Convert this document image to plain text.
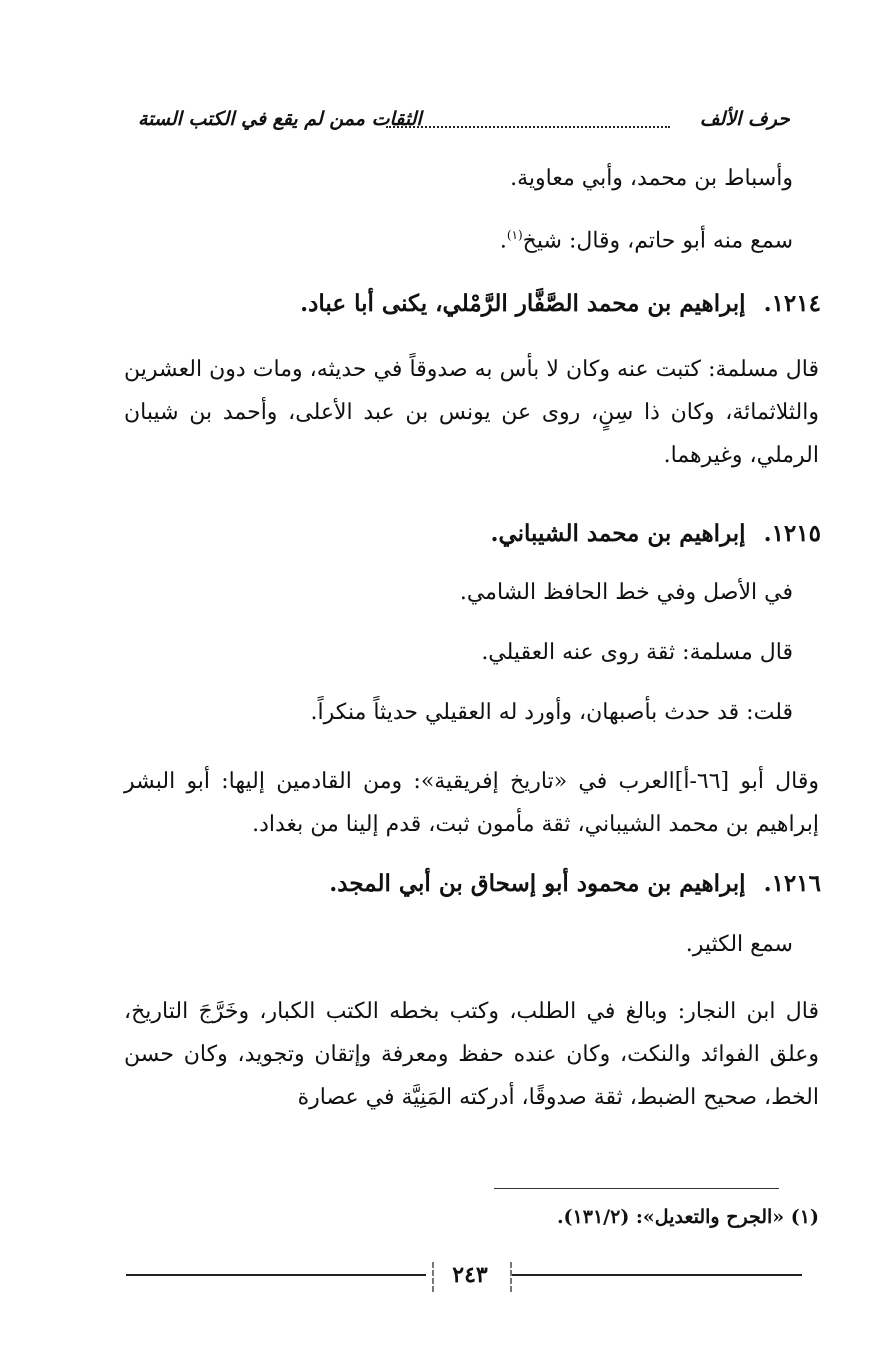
حرف الألف
الثقات ممن لم يقع في الكتب الستة
وأسباط بن محمد، وأبي معاوية.
سمع منه أبو حاتم، وقال: شيخ$^{(١)}$.
١٢١٤.إبراهيم بن محمد الصَّفَّار الرَّمْلي، يكنى أبا عباد.
قال مسلمة: كتبت عنه وكان لا بأس به صدوقاً في حديثه، ومات دون العشرين والثلاثمائة، وكان ذا سِنٍ، روى عن يونس بن عبد الأعلى، وأحمد بن شيبان الرملي، وغيرهما.
١٢١٥.إبراهيم بن محمد الشيباني.
في الأصل وفي خط الحافظ الشامي.
قال مسلمة: ثقة روى عنه العقيلي.
قلت: قد حدث بأصبهان، وأورد له العقيلي حديثاً منكراً.
وقال أبو [٦٦-أ]العرب في «تاريخ إفريقية»: ومن القادمين إليها: أبو البشر إبراهيم بن محمد الشيباني، ثقة مأمون ثبت، قدم إلينا من بغداد.
١٢١٦.إبراهيم بن محمود أبو إسحاق بن أبي المجد.
سمع الكثير.
قال ابن النجار: وبالغ في الطلب، وكتب بخطه الكتب الكبار، وخَرَّجَ التاريخ، وعلق الفوائد والنكت، وكان عنده حفظ ومعرفة وإتقان وتجويد، وكان حسن الخط، صحيح الضبط، ثقة صدوقًا، أدركته المَنِيَّة في عصارة
(١) «الجرح والتعديل»: (١٣١/٢).
٢٤٣
